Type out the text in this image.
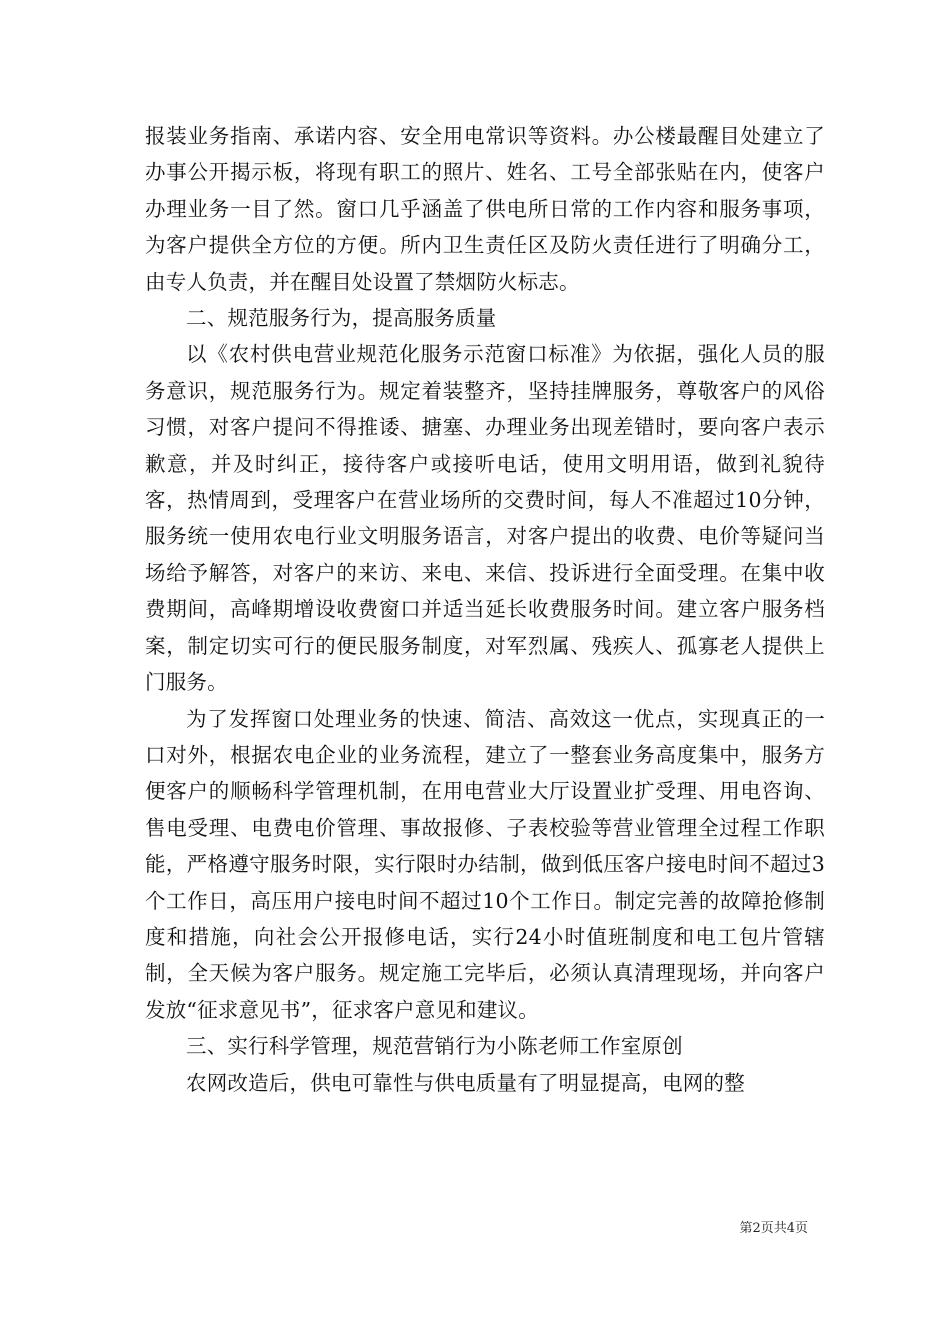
报装业务指南、承诺内容、安全用电常识等资料。办公楼最醒目处建立了办事公开揭示板，将现有职工的照片、姓名、工号全部张贴在内，使客户办理业务一目了然。窗口几乎涵盖了供电所日常的工作内容和服务事项，为客户提供全方位的方便。所内卫生责任区及防火责任进行了明确分工，由专人负责，并在醒目处设置了禁烟防火标志。

二、规范服务行为，提高服务质量

以《农村供电营业规范化服务示范窗口标准》为依据，强化人员的服务意识，规范服务行为。规定着装整齐，坚持挂牌服务，尊敬客户的风俗习惯，对客户提问不得推诿、搪塞、办理业务出现差错时，要向客户表示歉意，并及时纠正，接待客户或接听电话，使用文明用语，做到礼貌待客，热情周到，受理客户在营业场所的交费时间，每人不准超过10分钟，服务统一使用农电行业文明服务语言，对客户提出的收费、电价等疑问当场给予解答，对客户的来访、来电、来信、投诉进行全面受理。在集中收费期间，高峰期增设收费窗口并适当延长收费服务时间。建立客户服务档案，制定切实可行的便民服务制度，对军烈属、残疾人、孤寡老人提供上门服务。

为了发挥窗口处理业务的快速、简洁、高效这一优点，实现真正的一口对外，根据农电企业的业务流程，建立了一整套业务高度集中，服务方便客户的顺畅科学管理机制，在用电营业大厅设置业扩受理、用电咨询、售电受理、电费电价管理、事故报修、子表校验等营业管理全过程工作职能，严格遵守服务时限，实行限时办结制，做到低压客户接电时间不超过3个工作日，高压用户接电时间不超过10个工作日。制定完善的故障抢修制度和措施，向社会公开报修电话，实行24小时值班制度和电工包片管辖制，全天候为客户服务。规定施工完毕后，必须认真清理现场，并向客户发放“征求意见书”，征求客户意见和建议。

三、实行科学管理，规范营销行为小陈老师工作室原创

农网改造后，供电可靠性与供电质量有了明显提高，电网的整

第2页共4页
